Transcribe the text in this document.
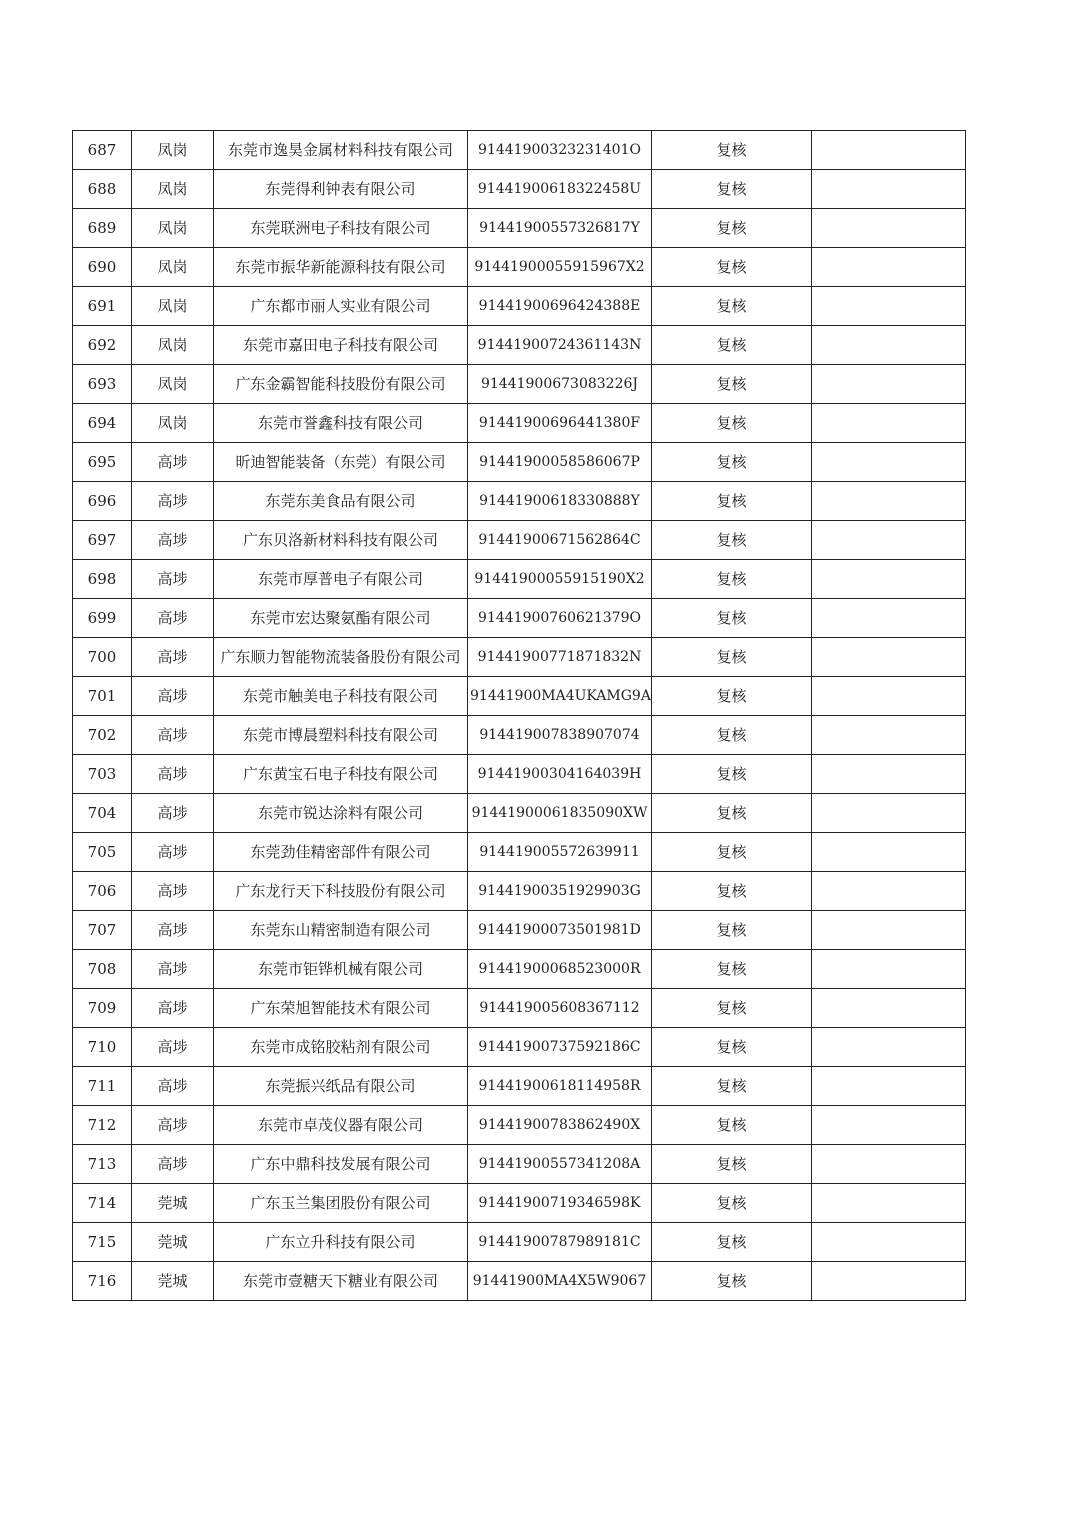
687	凤岗	东莞市逸昊金属材料科技有限公司	91441900323231401O	复核	
688	凤岗	东莞得利钟表有限公司	914419006183224​58U	复核	
689	凤岗	东莞联洲电子科技有限公司	91441900557326817Y	复核	
690	凤岗	东莞市振华新能源科技有限公司	91441900055915967X2	复核	
691	凤岗	广东都市丽人实业有限公司	91441900696424388E	复核	
692	凤岗	东莞市嘉田电子科技有限公司	91441900724361143N	复核	
693	凤岗	广东金霸智能科技股份有限公司	91441900673083226J	复核	
694	凤岗	东莞市誉鑫科技有限公司	91441900696441380F	复核	
695	高埗	昕迪智能装备（东莞）有限公司	91441900058586067P	复核	
696	高埗	东莞东美食品有限公司	91441900618330888Y	复核	
697	高埗	广东贝洛新材料科技有限公司	91441900671562864C	复核	
698	高埗	东莞市厚普电子有限公司	91441900055915190X2	复核	
699	高埗	东莞市宏达聚氨酯有限公司	91441900760621379O	复核	
700	高埗	广东顺力智能物流装备股份有限公司	91441900771871832N	复核	
701	高埗	东莞市触美电子科技有限公司	91441900MA4UKAMG9A	复核	
702	高埗	东莞市博晨塑料科技有限公司	91441900783890707​4	复核	
703	高埗	广东黄宝石电子科技有限公司	91441900304164039H	复核	
704	高埗	东莞市锐达涂料有限公司	91441900061835090XW	复核	
705	高埗	东莞劲佳精密部件有限公司	91441900557263991​1	复核	
706	高埗	广东龙行天下科技股份有限公司	91441900351929903G	复核	
707	高埗	东莞东山精密制造有限公司	91441900073501981D	复核	
708	高埗	东莞市钜铧机械有限公司	91441900068523000R	复核	
709	高埗	广东荣旭智能技术有限公司	91441900560836711​2	复核	
710	高埗	东莞市成铭胶粘剂有限公司	91441900737592186C	复核	
711	高埗	东莞振兴纸品有限公司	91441900618114958R	复核	
712	高埗	东莞市卓茂仪器有限公司	91441900783862490X	复核	
713	高埗	广东中鼎科技发展有限公司	91441900557341208A	复核	
714	莞城	广东玉兰集团股份有限公司	91441900719346598K	复核	
715	莞城	广东立升科技有限公司	91441900787989181C	复核	
716	莞城	东莞市壹糖天下糖业有限公司	91441900MA4X5W9067	复核	
